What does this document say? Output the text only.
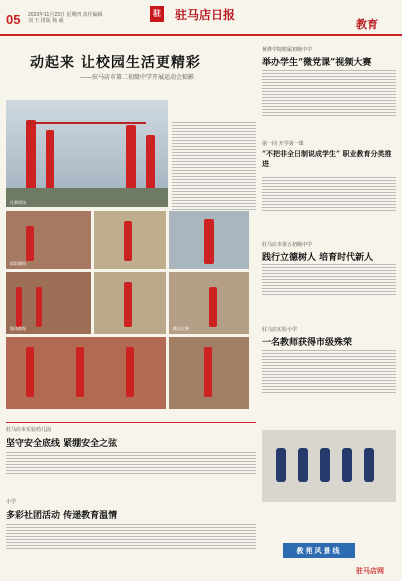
05 2023年11月23日 星期四 责任编辑 刘 玉 排版 杨 威
驻	驻马店日报
教育
动起来 让校园生活更精彩
——驻马店市第二初级中学开展运动会掠影
比赛现场
精彩瞬间
集体跳绳	跳远比赛
黄骅学院附属初级中学
举办学生“微党课”视频大赛
第一回 开学第一课
“不把非全日制说成学生” 职业教育分类推进
驻马店市第五初级中学
践行立德树人 培育时代新人
驻马店实验小学
一名教师获得市级殊荣
驻马店市实验幼儿园
坚守安全底线 紧绷安全之弦
小学
多彩社团活动 传递教育温情
教苑风景线
驻马店网
